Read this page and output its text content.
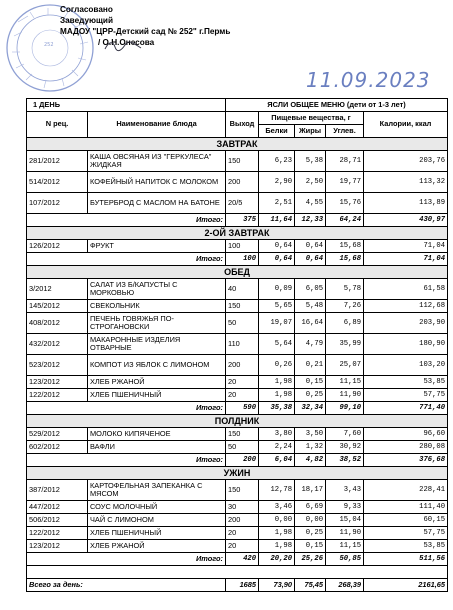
252
Согласовано
Заведующий
МАДОУ "ЦРР-Детский сад № 252" г.Пермь
/ О.Н.Онесова
11.09.2023
1 ДЕНЬ		ЯСЛИ ОБЩЕЕ МЕНЮ (дети от 1-3 лет)				
N рец.	Наименование блюда	Выход	Пищевые вещества, г			Калории, ккал
			Белки	Жиры	Углев.	
ЗАВТРАК						
281/2012	КАША ОВСЯНАЯ ИЗ "ГЕРКУЛЕСА" ЖИДКАЯ	150	6,23	5,38	28,71	203,76
514/2012	КОФЕЙНЫЙ НАПИТОК С МОЛОКОМ	200	2,90	2,50	19,77	113,32
107/2012	БУТЕРБРОД С МАСЛОМ НА БАТОНЕ	20/5	2,51	4,55	15,76	113,89
Итого:		375	11,64	12,33	64,24	430,97
2-ОЙ ЗАВТРАК						
126/2012	ФРУКТ	100	0,64	0,64	15,68	71,04
Итого:		100	0,64	0,64	15,68	71,04
ОБЕД						
3/2012	САЛАТ ИЗ Б/КАПУСТЫ С МОРКОВЬЮ	40	0,09	6,05	5,78	61,58
145/2012	СВЕКОЛЬНИК	150	5,65	5,48	7,26	112,68
408/2012	ПЕЧЕНЬ ГОВЯЖЬЯ ПО-СТРОГАНОВСКИ	50	19,07	16,64	6,89	203,90
432/2012	МАКАРОННЫЕ ИЗДЕЛИЯ ОТВАРНЫЕ	110	5,64	4,79	35,99	180,90
523/2012	КОМПОТ ИЗ ЯБЛОК С ЛИМОНОМ	200	0,26	0,21	25,07	103,20
123/2012	ХЛЕБ РЖАНОЙ	20	1,98	0,15	11,15	53,85
122/2012	ХЛЕБ ПШЕНИЧНЫЙ	20	1,98	0,25	11,90	57,75
Итого:		590	35,38	32,34	99,10	771,40
ПОЛДНИК						
529/2012	МОЛОКО КИПЯЧЕНОЕ	150	3,80	3,50	7,60	96,60
602/2012	ВАФЛИ	50	2,24	1,32	30,92	280,08
Итого:		200	6,04	4,82	38,52	376,68
УЖИН						
387/2012	КАРТОФЕЛЬНАЯ ЗАПЕКАНКА С МЯСОМ	150	12,78	18,17	3,43	228,41
447/2012	СОУС МОЛОЧНЫЙ	30	3,46	6,69	9,33	111,40
506/2012	ЧАЙ С ЛИМОНОМ	200	0,00	0,00	15,04	60,15
122/2012	ХЛЕБ ПШЕНИЧНЫЙ	20	1,98	0,25	11,90	57,75
123/2012	ХЛЕБ РЖАНОЙ	20	1,98	0,15	11,15	53,85
Итого:		420	20,20	25,26	50,85	511,56

Всего за день:		1685	73,90	75,45	268,39	2161,65
